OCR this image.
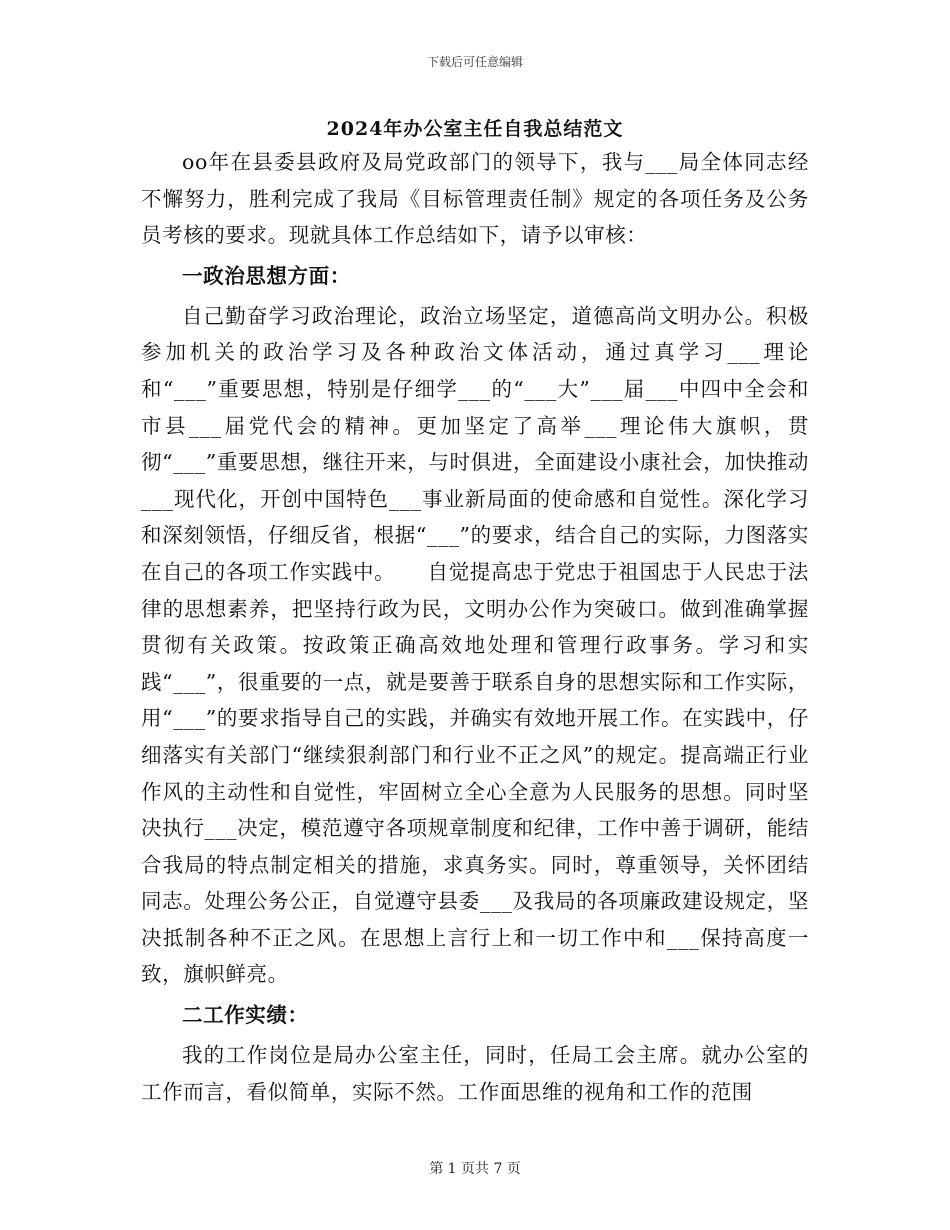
下载后可任意编辑
2024年办公室主任自我总结范文

oo年在县委县政府及局党政部门的领导下，我与___局全体同志经不懈努力，胜利完成了我局《目标管理责任制》规定的各项任务及公务员考核的要求。现就具体工作总结如下，请予以审核：

一政治思想方面：

自己勤奋学习政治理论，政治立场坚定，道德高尚文明办公。积极参加机关的政治学习及各种政治文体活动，通过真学习___理论和“___”重要思想，特别是仔细学___的“___大”___届___中四中全会和市县___届党代会的精神。更加坚定了高举___理论伟大旗帜，贯彻“___”重要思想，继往开来，与时俱进，全面建设小康社会，加快推动___现代化，开创中国特色___事业新局面的使命感和自觉性。深化学习和深刻领悟，仔细反省，根据“___”的要求，结合自己的实际，力图落实在自己的各项工作实践中。　　自觉提高忠于党忠于祖国忠于人民忠于法律的思想素养，把坚持行政为民，文明办公作为突破口。做到准确掌握贯彻有关政策。按政策正确高效地处理和管理行政事务。学习和实践“___”，很重要的一点，就是要善于联系自身的思想实际和工作实际，用“___”的要求指导自己的实践，并确实有效地开展工作。在实践中，仔细落实有关部门“继续狠刹部门和行业不正之风”的规定。提高端正行业作风的主动性和自觉性，牢固树立全心全意为人民服务的思想。同时坚决执行___决定，模范遵守各项规章制度和纪律，工作中善于调研，能结合我局的特点制定相关的措施，求真务实。同时，尊重领导，关怀团结同志。处理公务公正，自觉遵守县委___及我局的各项廉政建设规定，坚决抵制各种不正之风。在思想上言行上和一切工作中和___保持高度一致，旗帜鲜亮。

二工作实绩：

我的工作岗位是局办公室主任，同时，任局工会主席。就办公室的工作而言，看似简单，实际不然。工作面思维的视角和工作的范围

第 1 页共 7 页
